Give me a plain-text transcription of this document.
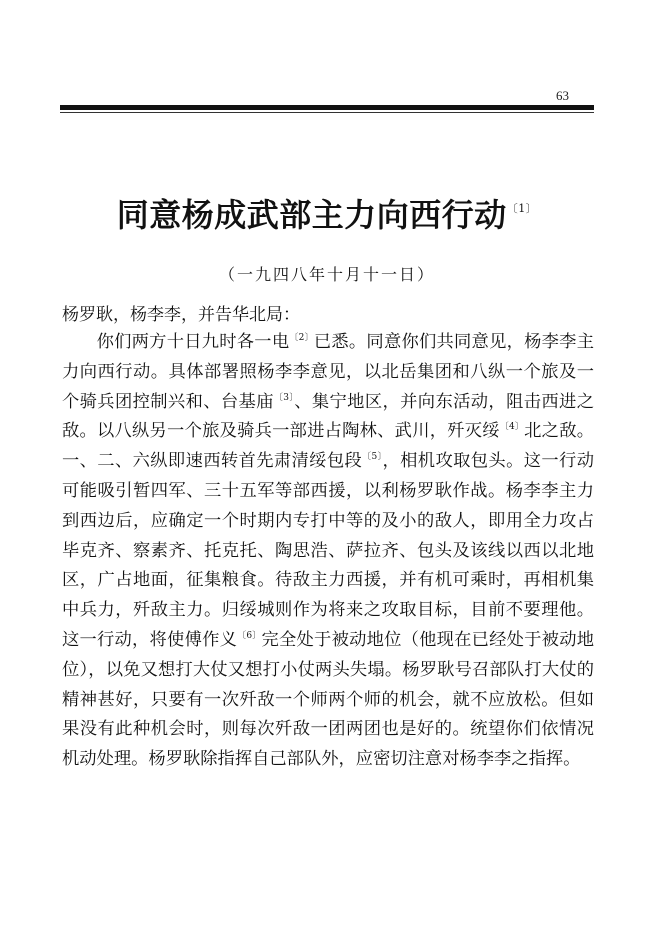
63
同意杨成武部主力向西行动$^{〔1〕}$
（一九四八年十月十一日）
杨罗耿，杨李李，并告华北局：

你们两方十日九时各一电$^{〔2〕}$已悉。同意你们共同意见，杨李李主力向西行动。具体部署照杨李李意见，以北岳集团和八纵一个旅及一个骑兵团控制兴和、台基庙$^{〔3〕}$、集宁地区，并向东活动，阻击西进之敌。以八纵另一个旅及骑兵一部进占陶林、武川，歼灭绥$^{〔4〕}$北之敌。一、二、六纵即速西转首先肃清绥包段$^{〔5〕}$，相机攻取包头。这一行动可能吸引暂四军、三十五军等部西援，以利杨罗耿作战。杨李李主力到西边后，应确定一个时期内专打中等的及小的敌人，即用全力攻占毕克齐、察素齐、托克托、陶思浩、萨拉齐、包头及该线以西以北地区，广占地面，征集粮食。待敌主力西援，并有机可乘时，再相机集中兵力，歼敌主力。归绥城则作为将来之攻取目标，目前不要理他。这一行动，将使傅作义$^{〔6〕}$完全处于被动地位（他现在已经处于被动地位），以免又想打大仗又想打小仗两头失塌。杨罗耿号召部队打大仗的精神甚好，只要有一次歼敌一个师两个师的机会，就不应放松。但如果没有此种机会时，则每次歼敌一团两团也是好的。统望你们依情况机动处理。杨罗耿除指挥自己部队外，应密切注意对杨李李之指挥。
